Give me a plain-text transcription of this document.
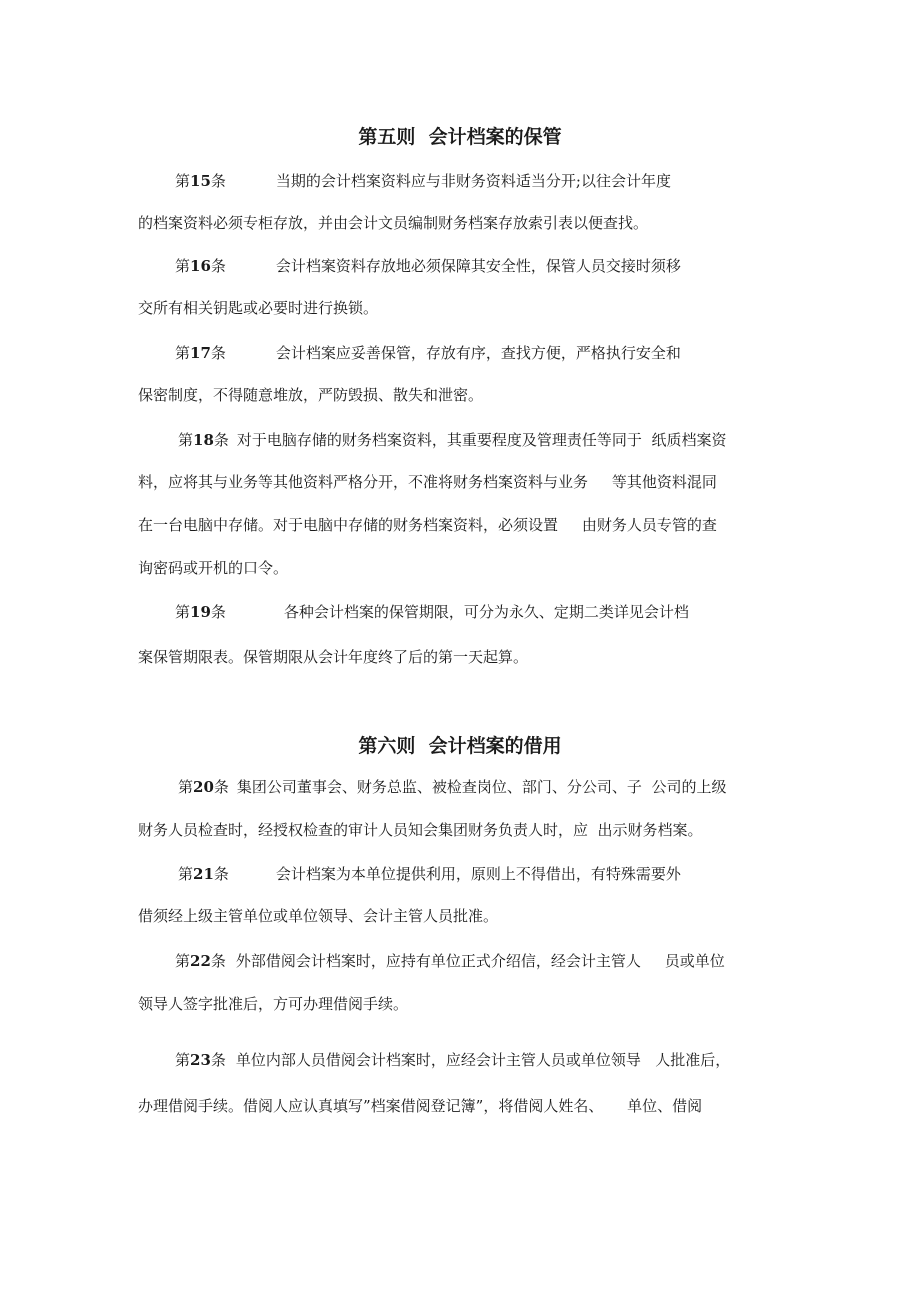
第五则  会计档案的保管
第15条	当期的会计档案资料应与非财务资料适当分开;以往会计年度
的档案资料必须专柜存放，并由会计文员编制财务档案存放索引表以便查找。
第16条	会计档案资料存放地必须保障其安全性，保管人员交接时须移
交所有相关钥匙或必要时进行换锁。
第17条	会计档案应妥善保管，存放有序，查找方便，严格执行安全和
保密制度，不得随意堆放，严防毁损、散失和泄密。
第18条 对于电脑存储的财务档案资料，其重要程度及管理责任等同于  纸质档案资
料，应将其与业务等其他资料严格分开，不准将财务档案资料与业务     等其他资料混同
在一台电脑中存储。对于电脑中存储的财务档案资料，必须设置     由财务人员专管的查
询密码或开机的口令。
第19条	各种会计档案的保管期限，可分为永久、定期二类详见会计档
案保管期限表。保管期限从会计年度终了后的第一天起算。
第六则  会计档案的借用
第20条 集团公司董事会、财务总监、被检查岗位、部门、分公司、子  公司的上级
财务人员检查时，经授权检查的审计人员知会集团财务负责人时，应  出示财务档案。
第21条	会计档案为本单位提供利用，原则上不得借出，有特殊需要外
借须经上级主管单位或单位领导、会计主管人员批准。
第22条 外部借阅会计档案时，应持有单位正式介绍信，经会计主管人     员或单位
领导人签字批准后，方可办理借阅手续。
第23条 单位内部人员借阅会计档案时，应经会计主管人员或单位领导   人批准后，
办理借阅手续。借阅人应认真填写”档案借阅登记簿”，将借阅人姓名、     单位、借阅
